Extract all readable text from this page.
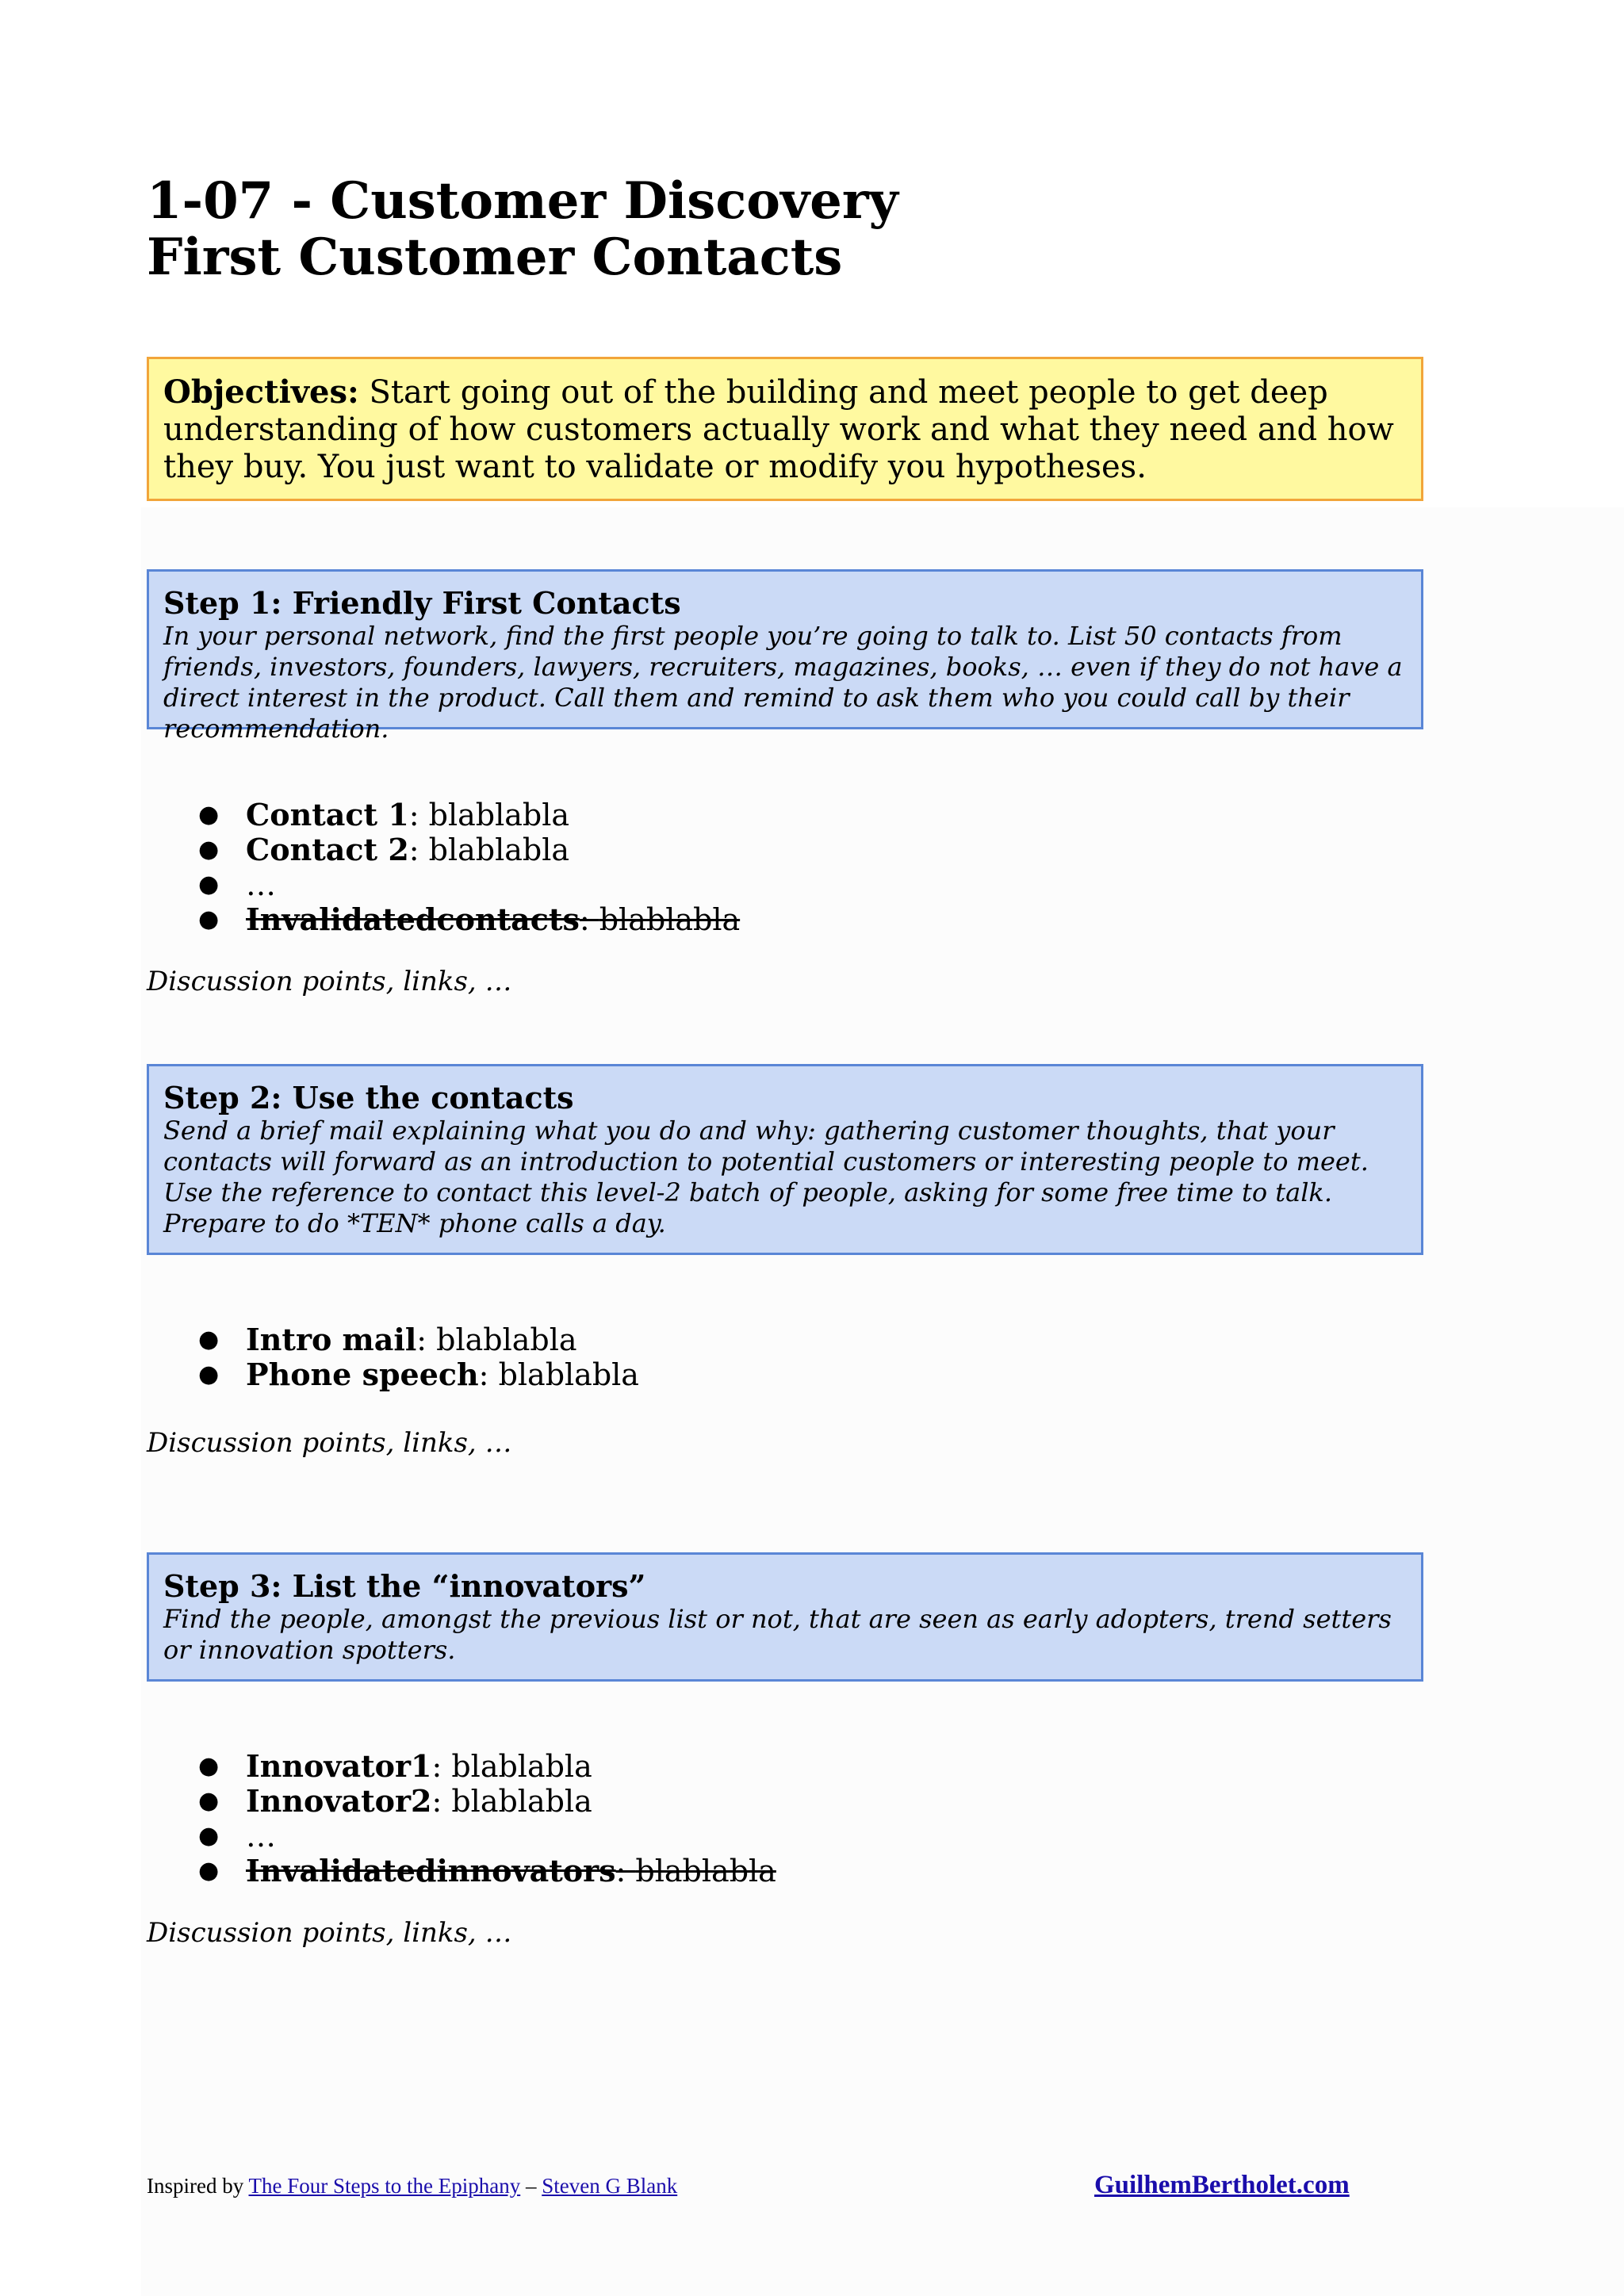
1-07 - Customer Discovery
First Customer Contacts
Objectives: Start going out of the building and meet people to get deep understanding of how customers actually work and what they need and how they buy. You just want to validate or modify you hypotheses.
Step 1: Friendly First Contacts
In your personal network, find the first people you’re going to talk to. List 50 contacts from friends, investors, founders, lawyers, recruiters, magazines, books, … even if they do not have a direct interest in the product. Call them and remind to ask them who you could call by their recommendation.
● Contact 1: blablabla
● Contact 2: blablabla
● …
● Invalidatedcontacts: blablabla
Discussion points, links, …
Step 2: Use the contacts
Send a brief mail explaining what you do and why: gathering customer thoughts, that your contacts will forward as an introduction to potential customers or interesting people to meet. Use the reference to contact this level-2 batch of people, asking for some free time to talk. Prepare to do *TEN* phone calls a day.
● Intro mail: blablabla
● Phone speech: blablabla
Discussion points, links, …
Step 3: List the “innovators”
Find the people, amongst the previous list or not, that are seen as early adopters, trend setters or innovation spotters.
● Innovator1: blablabla
● Innovator2: blablabla
● …
● Invalidatedinnovators: blablabla
Discussion points, links, …
Inspired by The Four Steps to the Epiphany – Steven G Blank	GuilhemBertholet.com
